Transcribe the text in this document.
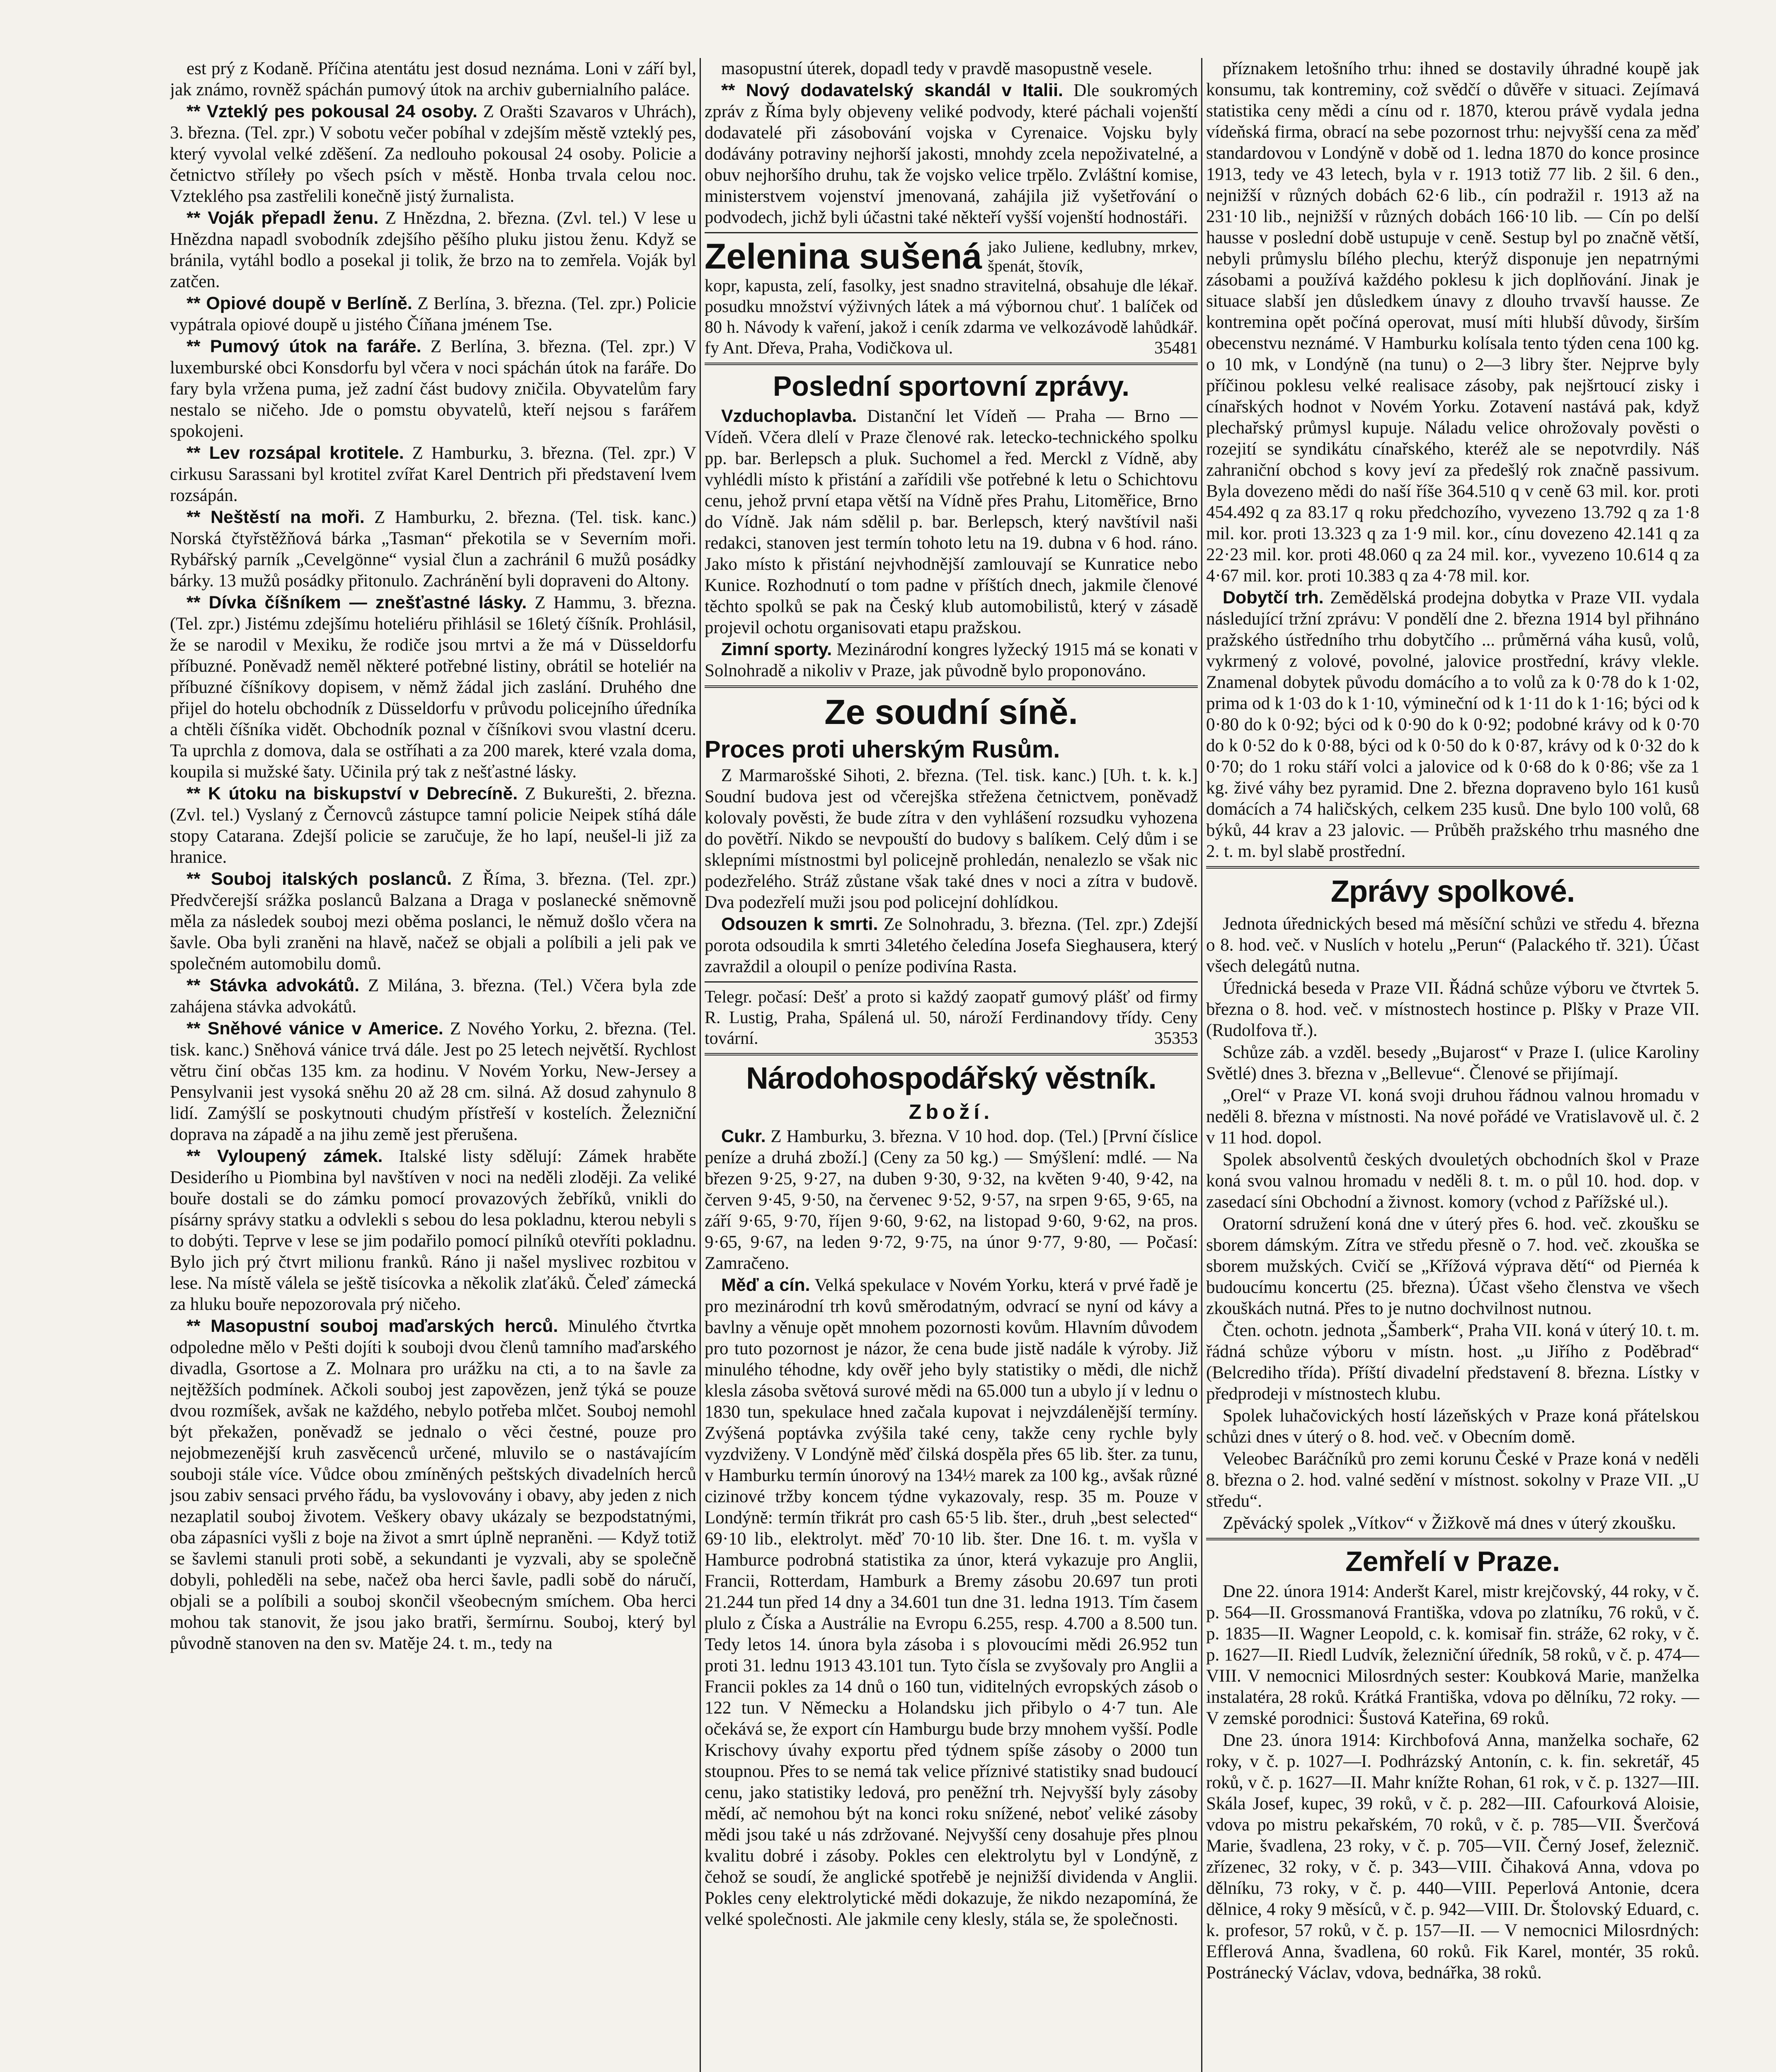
est prý z Kodaně. Příčina atentátu jest dosud neznáma. Loni v září byl, jak známo, rovněž spáchán pumový útok na archiv gubernialního paláce.

** Vzteklý pes pokousal 24 osoby. Z Orašti Szavaros v Uhrách), 3. března. (Tel. zpr.) V sobotu večer pobíhal v zdejším městě vzteklý pes, který vyvolal velké zděšení. Za nedlouho pokousal 24 osoby. Policie a četnictvo stříleły po všech psích v městě. Honba trvala celou noc. Vzteklého psa zastřelili konečně jistý žurnalista.

** Voják přepadl ženu. Z Hnězdna, 2. března. (Zvl. tel.) V lese u Hnězdna napadl svobodník zdejšího pěšího pluku jistou ženu. Když se bránila, vytáhl bodlo a posekal ji tolik, že brzo na to zemřela. Voják byl zatčen.

** Opiové doupě v Berlíně. Z Berlína, 3. března. (Tel. zpr.) Policie vypátrala opiové doupě u jistého Číňana jménem Tse.

** Pumový útok na faráře. Z Berlína, 3. března. (Tel. zpr.) V luxemburské obci Konsdorfu byl včera v noci spáchán útok na faráře. Do fary byla vržena puma, jež zadní část budovy zničila. Obyvatelům fary nestalo se ničeho. Jde o pomstu obyvatelů, kteří nejsou s farářem spokojeni.

** Lev rozsápal krotitele. Z Hamburku, 3. března. (Tel. zpr.) V cirkusu Sarassani byl krotitel zvířat Karel Dentrich při představení lvem rozsápán.

** Neštěstí na moři. Z Hamburku, 2. března. (Tel. tisk. kanc.) Norská čtyřstěžňová bárka „Tasman“ překotila se v Severním moři. Rybářský parník „Cevelgönne“ vysial člun a zachránil 6 mužů posádky bárky. 13 mužů posádky přitonulo. Zachránění byli dopraveni do Altony.

** Dívka číšníkem — znešťastné lásky. Z Hammu, 3. března. (Tel. zpr.) Jistému zdejšímu hoteliéru přihlásil se 16letý číšník. Prohlásil, že se narodil v Mexiku, že rodiče jsou mrtvi a že má v Düsseldorfu příbuzné. Poněvadž neměl některé potřebné listiny, obrátil se hoteliér na příbuzné číšníkovy dopisem, v němž žádal jich zaslání. Druhého dne přijel do hotelu obchodník z Düsseldorfu v průvodu policejního úředníka a chtěli číšníka vidět. Obchodník poznal v číšníkovi svou vlastní dceru. Ta uprchla z domova, dala se ostříhati a za 200 marek, které vzala doma, koupila si mužské šaty. Učinila prý tak z nešťastné lásky.

** K útoku na biskupství v Debrecíně. Z Bukurešti, 2. března. (Zvl. tel.) Vyslaný z Černovců zástupce tamní policie Neipek stíhá dále stopy Catarana. Zdejší policie se zaručuje, že ho lapí, neušel-li již za hranice.

** Souboj italských poslanců. Z Říma, 3. března. (Tel. zpr.) Předvčerejší srážka poslanců Balzana a Draga v poslanecké sněmovně měla za následek souboj mezi oběma poslanci, le němuž došlo včera na šavle. Oba byli zraněni na hlavě, načež se objali a políbili a jeli pak ve společném automobilu domů.

** Stávka advokátů. Z Milána, 3. března. (Tel.) Včera byla zde zahájena stávka advokátů.

** Sněhové vánice v Americe. Z Nového Yorku, 2. března. (Tel. tisk. kanc.) Sněhová vánice trvá dále. Jest po 25 letech největší. Rychlost větru činí občas 135 km. za hodinu. V Novém Yorku, New-Jersey a Pensylvanii jest vysoká sněhu 20 až 28 cm. silná. Až dosud zahynulo 8 lidí. Zamýšlí se poskytnouti chudým přístřeší v kostelích. Železniční doprava na západě a na jihu země jest přerušena.

** Vyloupený zámek. Italské listy sdělují: Zámek hraběte Desiderího u Piombina byl navštíven v noci na neděli zloději. Za veliké bouře dostali se do zámku pomocí provazových žebříků, vnikli do písárny správy statku a odvlekli s sebou do lesa pokladnu, kterou nebyli s to dobýti. Teprve v lese se jim podařilo pomocí pilníků otevříti pokladnu. Bylo jich prý čtvrt milionu franků. Ráno ji našel myslivec rozbitou v lese. Na místě válela se ještě tisícovka a několik zlaťáků. Čeleď zámecká za hluku bouře nepozorovala prý ničeho.

** Masopustní souboj maďarských herců. Minulého čtvrtka odpoledne mělo v Pešti dojíti k souboji dvou členů tamního maďarského divadla, Gsortose a Z. Molnara pro urážku na cti, a to na šavle za nejtěžších podmínek. Ačkoli souboj jest zapovězen, jenž týká se pouze dvou rozmíšek, avšak ne každého, nebylo potřeba mlčet. Souboj nemohl být překažen, poněvadž se jednalo o věci čestné, pouze pro nejobmezenější kruh zasvěcenců určené, mluvilo se o nastávajícím souboji stále více. Vůdce obou zmíněných peštských divadelních herců jsou zabiv sensaci prvého řádu, ba vyslovovány i obavy, aby jeden z nich nezaplatil souboj životem. Veškery obavy ukázaly se bezpodstatnými, oba zápasníci vyšli z boje na život a smrt úplně nepraněni. — Když totiž se šavlemi stanuli proti sobě, a sekundanti je vyzvali, aby se společně dobyli, pohleděli na sebe, načež oba herci šavle, padli sobě do náručí, objali se a políbili a souboj skončil všeobecným smíchem. Oba herci mohou tak stanovit, že jsou jako bratři, šermírnu. Souboj, který byl původně stanoven na den sv. Matěje 24. t. m., tedy na

masopustní úterek, dopadl tedy v pravdě masopustně vesele.

** Nový dodavatelský skandál v Italii. Dle soukromých zpráv z Říma byly objeveny veliké podvody, které páchali vojenští dodavatelé při zásobování vojska v Cyrenaice. Vojsku byly dodávány potraviny nejhorší jakosti, mnohdy zcela nepoživatelné, a obuv nejhoršího druhu, tak že vojsko velice trpělo. Zvláštní komise, ministerstvem vojenství jmenovaná, zahájila již vyšetřování o podvodech, jichž byli účastni také někteří vyšší vojenští hodnostáři.

Zelenina sušená jako Juliene, kedlubny, mrkev, špenát, štovík,

kopr, kapusta, zelí, fasolky, jest snadno stravitelná, obsahuje dle lékař. posudku množství výživných látek a má výbornou chuť. 1 balíček od 80 h. Návody k vaření, jakož i ceník zdarma ve velkozávodě lahůdkář. fy Ant. Dřeva, Praha, Vodičkova ul.	35481

Poslední sportovní zprávy.

Vzduchoplavba. Distanční let Vídeň — Praha — Brno — Vídeň. Včera dlelí v Praze členové rak. letecko-technického spolku pp. bar. Berlepsch a pluk. Suchomel a řed. Merckl z Vídně, aby vyhlédli místo k přistání a zařídili vše potřebné k letu o Schichtovu cenu, jehož první etapa větší na Vídně přes Prahu, Litoměřice, Brno do Vídně. Jak nám sdělil p. bar. Berlepsch, který navštívil naši redakci, stanoven jest termín tohoto letu na 19. dubna v 6 hod. ráno. Jako místo k přistání nejvhodnější zamlouvají se Kunratice nebo Kunice. Rozhodnutí o tom padne v příštích dnech, jakmile členové těchto spolků se pak na Český klub automobilistů, který v zásadě projevil ochotu organisovati etapu pražskou.

Zimní sporty. Mezinárodní kongres lyžecký 1915 má se konati v Solnohradě a nikoliv v Praze, jak původně bylo proponováno.

Ze soudní síně.
Proces proti uherským Rusům.

Z Marmarošské Sihoti, 2. března. (Tel. tisk. kanc.) [Uh. t. k. k.] Soudní budova jest od včerejška střežena četnictvem, poněvadž kolovaly pověsti, že bude zítra v den vyhlášení rozsudku vyhozena do povětří. Nikdo se nevpouští do budovy s balíkem. Celý dům i se sklepními místnostmi byl policejně prohledán, nenalezlo se však nic podezřelého. Stráž zůstane však také dnes v noci a zítra v budově. Dva podezřelí muži jsou pod policejní dohlídkou.

Odsouzen k smrti. Ze Solnohradu, 3. března. (Tel. zpr.) Zdejší porota odsoudila k smrti 34letého čeledína Josefa Sieghausera, který zavraždil a oloupil o peníze podivína Rasta.

Telegr. počasí: Dešť a proto si každý zaopatř gumový plášť od firmy R. Lustig, Praha, Spálená ul. 50, nároží Ferdinandovy třídy. Ceny tovární.	35353

Národohospodářský věstník.
Zboží.

Cukr. Z Hamburku, 3. března. V 10 hod. dop. (Tel.) [První číslice peníze a druhá zboží.] (Ceny za 50 kg.) — Smýšlení: mdlé. — Na březen 9·25, 9·27, na duben 9·30, 9·32, na květen 9·40, 9·42, na červen 9·45, 9·50, na červenec 9·52, 9·57, na srpen 9·65, 9·65, na září 9·65, 9·70, říjen 9·60, 9·62, na listopad 9·60, 9·62, na pros. 9·65, 9·67, na leden 9·72, 9·75, na únor 9·77, 9·80, — Počasí: Zamračeno.

Měď a cín. Velká spekulace v Novém Yorku, která v prvé řadě je pro mezinárodní trh kovů směrodatným, odvrací se nyní od kávy a bavlny a věnuje opět mnohem pozornosti kovům. Hlavním důvodem pro tuto pozornost je názor, že cena bude jistě nadále k výroby. Již minulého téhodne, kdy ověř jeho byly statistiky o mědi, dle nichž klesla zásoba světová surové mědi na 65.000 tun a ubylo jí v lednu o 1830 tun, spekulace hned začala kupovat i nejvzdálenější termíny. Zvýšená poptávka zvýšila také ceny, takže ceny rychle byly vyzdviženy. V Londýně měď čilská dospěla přes 65 lib. šter. za tunu, v Hamburku termín únorový na 134½ marek za 100 kg., avšak různé cizinové tržby koncem týdne vykazovaly, resp. 35 m. Pouze v Londýně: termín třikrát pro cash 65·5 lib. šter., druh „best selected“ 69·10 lib., elektrolyt. měď 70·10 lib. šter. Dne 16. t. m. vyšla v Hamburce podrobná statistika za únor, která vykazuje pro Anglii, Francii, Rotterdam, Hamburk a Bremy zásobu 20.697 tun proti 21.244 tun před 14 dny a 34.601 tun dne 31. ledna 1913. Tím časem plulo z Číska a Austrálie na Evropu 6.255, resp. 4.700 a 8.500 tun. Tedy letos 14. února byla zásoba i s plovoucími mědi 26.952 tun proti 31. lednu 1913 43.101 tun. Tyto čísla se zvyšovaly pro Anglii a Francii pokles za 14 dnů o 160 tun, viditelných evropských zásob o 122 tun. V Německu a Holandsku jich přibylo o 4·7 tun. Ale očekává se, že export cín Hamburgu bude brzy mnohem vyšší. Podle Krischovy úvahy exportu před týdnem spíše zásoby o 2000 tun stoupnou. Přes to se nemá tak velice příznivé statistiky snad budoucí cenu, jako statistiky ledová, pro peněžní trh. Nejvyšší byly zásoby mědí, ač nemohou být na konci roku snížené, neboť veliké zásoby mědi jsou také u nás zdržované. Nejvyšší ceny dosahuje přes plnou kvalitu dobré i zásoby. Pokles cen elektrolytu byl v Londýně, z čehož se soudí, že anglické spotřebě je nejnižší dividenda v Anglii. Pokles ceny elektrolytické mědi dokazuje, že nikdo nezapomíná, že velké společnosti. Ale jakmile ceny klesly, stála se, že společnosti.

příznakem letošního trhu: ihned se dostavily úhradné koupě jak konsumu, tak kontreminy, což svědčí o důvěře v situaci. Zejímavá statistika ceny mědi a cínu od r. 1870, kterou právě vydala jedna vídeňská firma, obrací na sebe pozornost trhu: nejvyšší cena za měď standardovou v Londýně v době od 1. ledna 1870 do konce prosince 1913, tedy ve 43 letech, byla v r. 1913 totiž 77 lib. 2 šil. 6 den., nejnižší v různých dobách 62·6 lib., cín podražil r. 1913 až na 231·10 lib., nejnižší v různých dobách 166·10 lib. — Cín po delší hausse v poslední době ustupuje v ceně. Sestup byl po značně větší, nebyli průmyslu bílého plechu, kterýž disponuje jen nepatrnými zásobami a používá každého poklesu k jich doplňování. Jinak je situace slabší jen důsledkem únavy z dlouho trvavší hausse. Ze kontremina opět počíná operovat, musí míti hlubší důvody, širším obecenstvu neznámé. V Hamburku kolísala tento týden cena 100 kg. o 10 mk, v Londýně (na tunu) o 2—3 libry šter. Nejprve byly příčinou poklesu velké realisace zásoby, pak nejšrtoucí zisky i cínařských hodnot v Novém Yorku. Zotavení nastává pak, když plechařský průmysl kupuje. Náladu velice ohrožovaly pověsti o rozejití se syndikátu cínařského, kteréž ale se nepotvrdily. Náš zahraniční obchod s kovy jeví za předešlý rok značně passivum. Byla dovezeno mědi do naší říše 364.510 q v ceně 63 mil. kor. proti 454.492 q za 83.17 q roku předchozího, vyvezeno 13.792 q za 1·8 mil. kor. proti 13.323 q za 1·9 mil. kor., cínu dovezeno 42.141 q za 22·23 mil. kor. proti 48.060 q za 24 mil. kor., vyvezeno 10.614 q za 4·67 mil. kor. proti 10.383 q za 4·78 mil. kor.

Dobytčí trh. Zemědělská prodejna dobytka v Praze VII. vydala následující tržní zprávu: V pondělí dne 2. března 1914 byl přihnáno pražského ústředního trhu dobytčího ... průměrná váha kusů, volů, vykrmený z volové, povolné, jalovice prostřední, krávy vlekle. Znamenal dobytek původu domácího a to volů za k 0·78 do k 1·02, prima od k 1·03 do k 1·10, výmineční od k 1·11 do k 1·16; býci od k 0·80 do k 0·92; býci od k 0·90 do k 0·92; podobné krávy od k 0·70 do k 0·52 do k 0·88, býci od k 0·50 do k 0·87, krávy od k 0·32 do k 0·70; do 1 roku stáří volci a jalovice od k 0·68 do k 0·86; vše za 1 kg. živé váhy bez pyramid. Dne 2. března dopraveno bylo 161 kusů domácích a 74 haličských, celkem 235 kusů. Dne bylo 100 volů, 68 býků, 44 krav a 23 jalovic. — Průběh pražského trhu masného dne 2. t. m. byl slabě prostřední.

Zprávy spolkové.

Jednota úřednických besed má měsíční schůzi ve středu 4. března o 8. hod. več. v Nuslích v hotelu „Perun“ (Palackého tř. 321). Účast všech delegátů nutna.

Úřednická beseda v Praze VII. Řádná schůze výboru ve čtvrtek 5. března o 8. hod. več. v místnostech hostince p. Plšky v Praze VII. (Rudolfova tř.).

Schůze záb. a vzděl. besedy „Bujarost“ v Praze I. (ulice Karoliny Světlé) dnes 3. března v „Bellevue“. Členové se přijímají.

„Orel“ v Praze VI. koná svoji druhou řádnou valnou hromadu v neděli 8. března v místnosti. Na nové pořádé ve Vratislavově ul. č. 2 v 11 hod. dopol.

Spolek absolventů českých dvouletých obchodních škol v Praze koná svou valnou hromadu v neděli 8. t. m. o půl 10. hod. dop. v zasedací síni Obchodní a živnost. komory (vchod z Pařížské ul.).

Oratorní sdružení koná dne v úterý přes 6. hod. več. zkoušku se sborem dámským. Zítra ve středu přesně o 7. hod. več. zkouška se sborem mužských. Cvičí se „Křížová výprava dětí“ od Piernéa k budoucímu koncertu (25. března). Účast všeho členstva ve všech zkouškách nutná. Přes to je nutno dochvilnost nutnou.

Čten. ochotn. jednota „Šamberk“, Praha VII. koná v úterý 10. t. m. řádná schůze výboru v místn. host. „u Jiřího z Poděbrad“ (Belcrediho třída). Příští divadelní představení 8. března. Lístky v předprodeji v místnostech klubu.

Spolek luhačovických hostí lázeňských v Praze koná přátelskou schůzi dnes v úterý o 8. hod. več. v Obecním domě.

Veleobec Baráčníků pro zemi korunu České v Praze koná v neděli 8. března o 2. hod. valné sedění v místnost. sokolny v Praze VII. „U středu“.

Zpěvácký spolek „Vítkov“ v Žižkově má dnes v úterý zkoušku.

Zemřelí v Praze.

Dne 22. února 1914: Anderšt Karel, mistr krejčovský, 44 roky, v č. p. 564—II. Grossmanová Františka, vdova po zlatníku, 76 roků, v č. p. 1835—II. Wagner Leopold, c. k. komisař fin. stráže, 62 roky, v č. p. 1627—II. Riedl Ludvík, železniční úředník, 58 roků, v č. p. 474—VIII. V nemocnici Milosrdných sester: Koubková Marie, manželka instalatéra, 28 roků. Krátká Františka, vdova po dělníku, 72 roky. — V zemské porodnici: Šustová Kateřina, 69 roků.

Dne 23. února 1914: Kirchbofová Anna, manželka sochaře, 62 roky, v č. p. 1027—I. Podhrázský Antonín, c. k. fin. sekretář, 45 roků, v č. p. 1627—II. Mahr knížte Rohan, 61 rok, v č. p. 1327—III. Skála Josef, kupec, 39 roků, v č. p. 282—III. Cafourková Aloisie, vdova po mistru pekařském, 70 roků, v č. p. 785—VII. Šverčová Marie, švadlena, 23 roky, v č. p. 705—VII. Černý Josef, železnič. zřízenec, 32 roky, v č. p. 343—VIII. Čihaková Anna, vdova po dělníku, 73 roky, v č. p. 440—VIII. Peperlová Antonie, dcera dělnice, 4 roky 9 měsíců, v č. p. 942—VIII. Dr. Štolovský Eduard, c. k. profesor, 57 roků, v č. p. 157—II. — V nemocnici Milosrdných: Efflerová Anna, švadlena, 60 roků. Fik Karel, montér, 35 roků. Postránecký Václav, vdova, bednářka, 38 roků.
